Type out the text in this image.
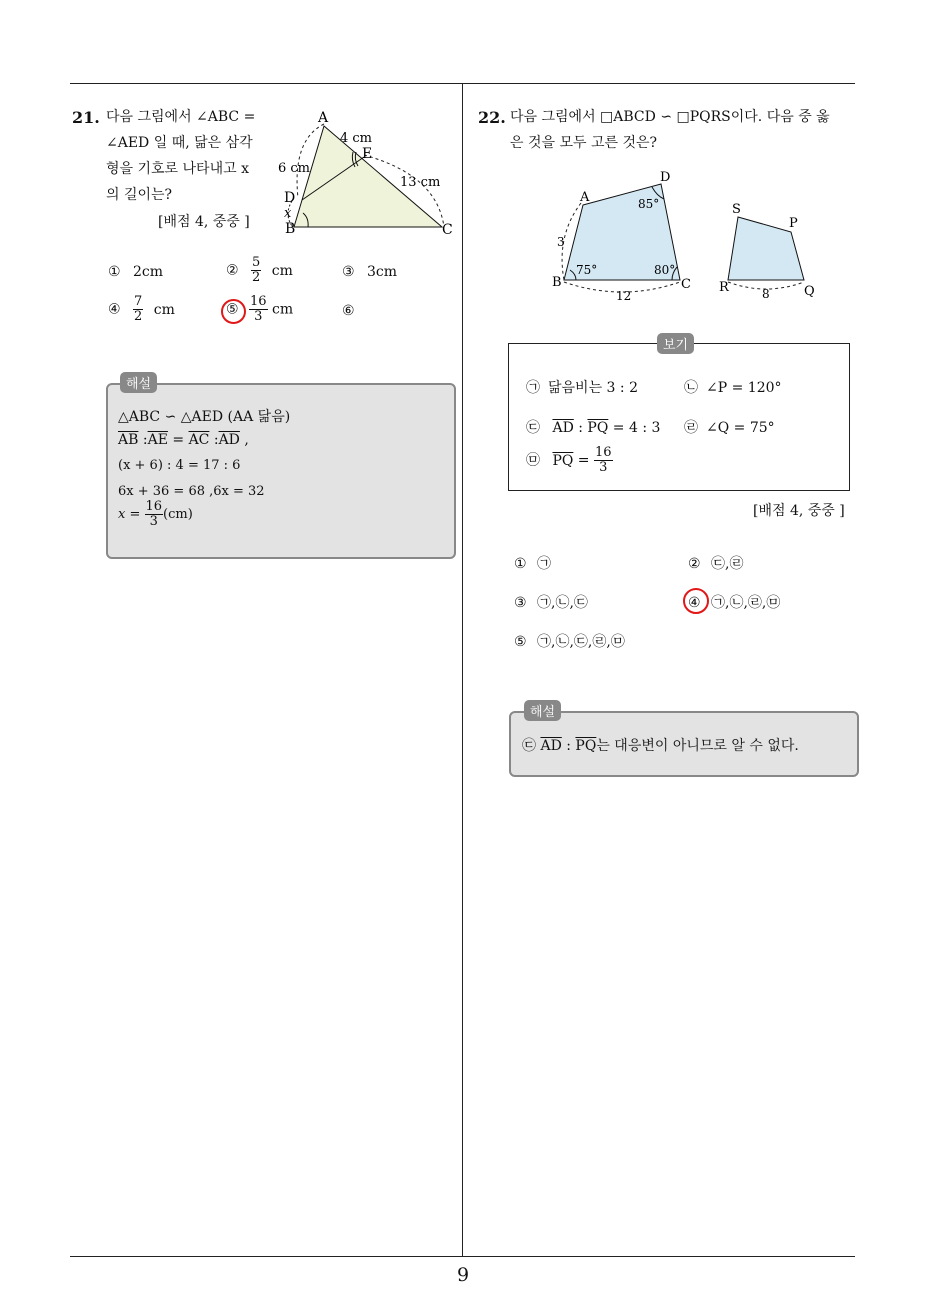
21. 다음 그림에서 ∠ABC =
∠AED 일 때, 닮은 삼각
형을 기호로 나타내고 x
의 길이는?
[배점 4, 중중 ]
A
B	C
D
E
x
4 cm
6 cm
13 cm
① 2cm	② $\frac{5}{2}$ cm	③ 3cm
④ $\frac{7}{2}$ cm	⑤ $\frac{16}{3}$ cm	⑥
해설
△ABC ∽ △AED (AA 닮음)
$\overline{AB}$ $:\overline{AE} = \overline{AC}$ $:\overline{AD}$ ,
(x + 6) : 4 = 17 : 6
6x + 36 = 68 ,6x = 32
$x = \frac{16}{3} (cm)$
22. 다음 그림에서 □ABCD ∽ □PQRS이다. 다음 중 옳
은 것을 모두 고른 것은?
A
B	C
D
85°
75°	80°
3
12
S
P
R	Q
8
보기
㉠ 닮음비는 3 : 2	㉡ ∠P = 120°
㉢ $\overline{AD}$ : $\overline{PQ} = 4$ : 3 ㉣ ∠Q = 75°
㉤ $\overline{PQ} = \frac{16}{3}$
[배점 4, 중중 ]
① ㉠	② ㉢,㉣
③ ㉠,㉡,㉢	④ ㉠,㉡,㉣,㉤
⑤ ㉠,㉡,㉢,㉣,㉤
해설
㉢ $\overline{AD}$ : $\overline{PQ}$는 대응변이 아니므로 알 수 없다.
9
